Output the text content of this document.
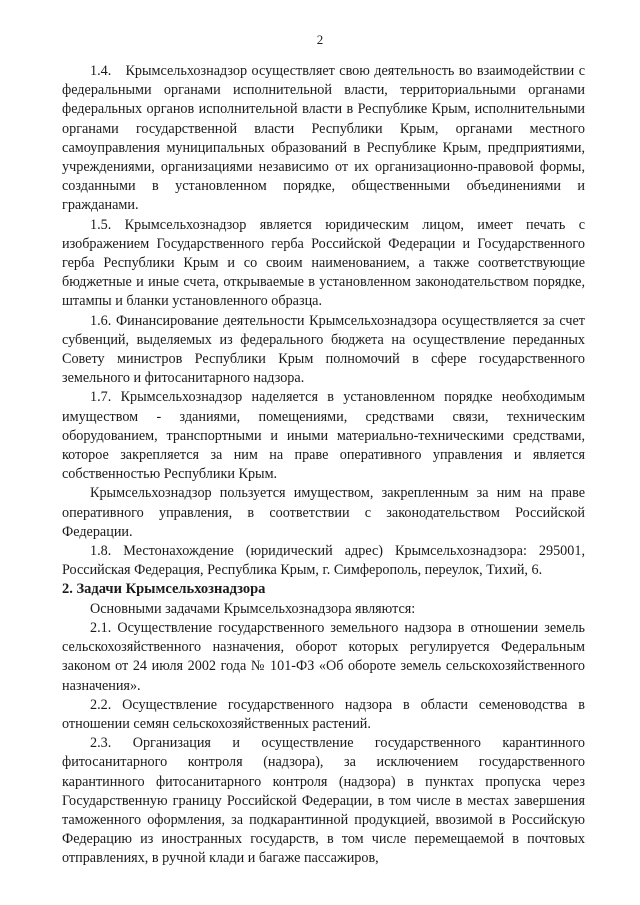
2

1.4. Крымсельхознадзор осуществляет свою деятельность во взаимодействии с федеральными органами исполнительной власти, территориальными органами федеральных органов исполнительной власти в Республике Крым, исполнительными органами государственной власти Республики Крым, органами местного самоуправления муниципальных образований в Республике Крым, предприятиями, учреждениями, организациями независимо от их организационно-правовой формы, созданными в установленном порядке, общественными объединениями и гражданами.

1.5. Крымсельхознадзор является юридическим лицом, имеет печать с изображением Государственного герба Российской Федерации и Государственного герба Республики Крым и со своим наименованием, а также соответствующие бюджетные и иные счета, открываемые в установленном законодательством порядке, штампы и бланки установленного образца.

1.6. Финансирование деятельности Крымсельхознадзора осуществляется за счет субвенций, выделяемых из федерального бюджета на осуществление переданных Совету министров Республики Крым полномочий в сфере государственного земельного и фитосанитарного надзора.

1.7. Крымсельхознадзор наделяется в установленном порядке необходимым имуществом - зданиями, помещениями, средствами связи, техническим оборудованием, транспортными и иными материально-техническими средствами, которое закрепляется за ним на праве оперативного управления и является собственностью Республики Крым.

Крымсельхознадзор пользуется имуществом, закрепленным за ним на праве оперативного управления, в соответствии с законодательством Российской Федерации.

1.8. Местонахождение (юридический адрес) Крымсельхознадзора: 295001, Российская Федерация, Республика Крым, г. Симферополь, переулок, Тихий, 6.

2. Задачи Крымсельхознадзора

Основными задачами Крымсельхознадзора являются:

2.1. Осуществление государственного земельного надзора в отношении земель сельскохозяйственного назначения, оборот которых регулируется Федеральным законом от 24 июля 2002 года № 101-ФЗ «Об обороте земель сельскохозяйственного назначения».

2.2. Осуществление государственного надзора в области семеноводства в отношении семян сельскохозяйственных растений.

2.3. Организация и осуществление государственного карантинного фитосанитарного контроля (надзора), за исключением государственного карантинного фитосанитарного контроля (надзора) в пунктах пропуска через Государственную границу Российской Федерации, в том числе в местах завершения таможенного оформления, за подкарантинной продукцией, ввозимой в Российскую Федерацию из иностранных государств, в том числе перемещаемой в почтовых отправлениях, в ручной клади и багаже пассажиров,
